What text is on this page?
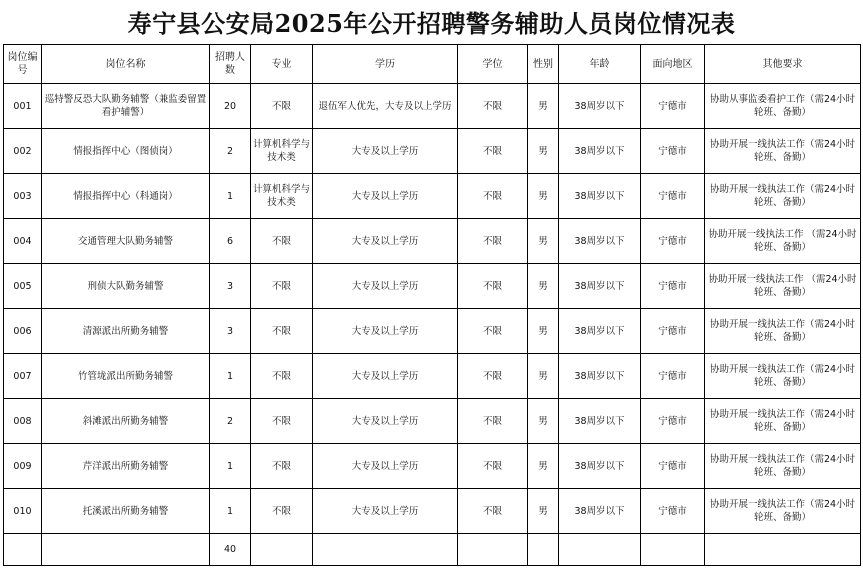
寿宁县公安局2025年公开招聘警务辅助人员岗位情况表
岗位编号	岗位名称	招聘人数	专业	学历	学位	性别	年龄	面向地区	其他要求
001	巡特警反恐大队勤务辅警（兼监委留置看护辅警）	20	不限	退伍军人优先，大专及以上学历	不限	男	38周岁以下	宁德市	协助从事监委看护工作（需24小时轮班、备勤）
002	情报指挥中心（图侦岗）	2	计算机科学与技术类	大专及以上学历	不限	男	38周岁以下	宁德市	协助开展一线执法工作（需24小时轮班、备勤）
003	情报指挥中心（科通岗）	1	计算机科学与技术类	大专及以上学历	不限	男	38周岁以下	宁德市	协助开展一线执法工作（需24小时轮班、备勤）
004	交通管理大队勤务辅警	6	不限	大专及以上学历	不限	男	38周岁以下	宁德市	协助开展一线执法工作 （需24小时轮班、备勤）
005	刑侦大队勤务辅警	3	不限	大专及以上学历	不限	男	38周岁以下	宁德市	协助开展一线执法工作 （需24小时轮班、备勤）
006	清源派出所勤务辅警	3	不限	大专及以上学历	不限	男	38周岁以下	宁德市	协助开展一线执法工作（需24小时轮班、备勤）
007	竹管垅派出所勤务辅警	1	不限	大专及以上学历	不限	男	38周岁以下	宁德市	协助开展一线执法工作（需24小时轮班、备勤）
008	斜滩派出所勤务辅警	2	不限	大专及以上学历	不限	男	38周岁以下	宁德市	协助开展一线执法工作（需24小时轮班、备勤）
009	芹洋派出所勤务辅警	1	不限	大专及以上学历	不限	男	38周岁以下	宁德市	协助开展一线执法工作（需24小时轮班、备勤）
010	托溪派出所勤务辅警	1	不限	大专及以上学历	不限	男	38周岁以下	宁德市	协助开展一线执法工作（需24小时轮班、备勤）
		40							
